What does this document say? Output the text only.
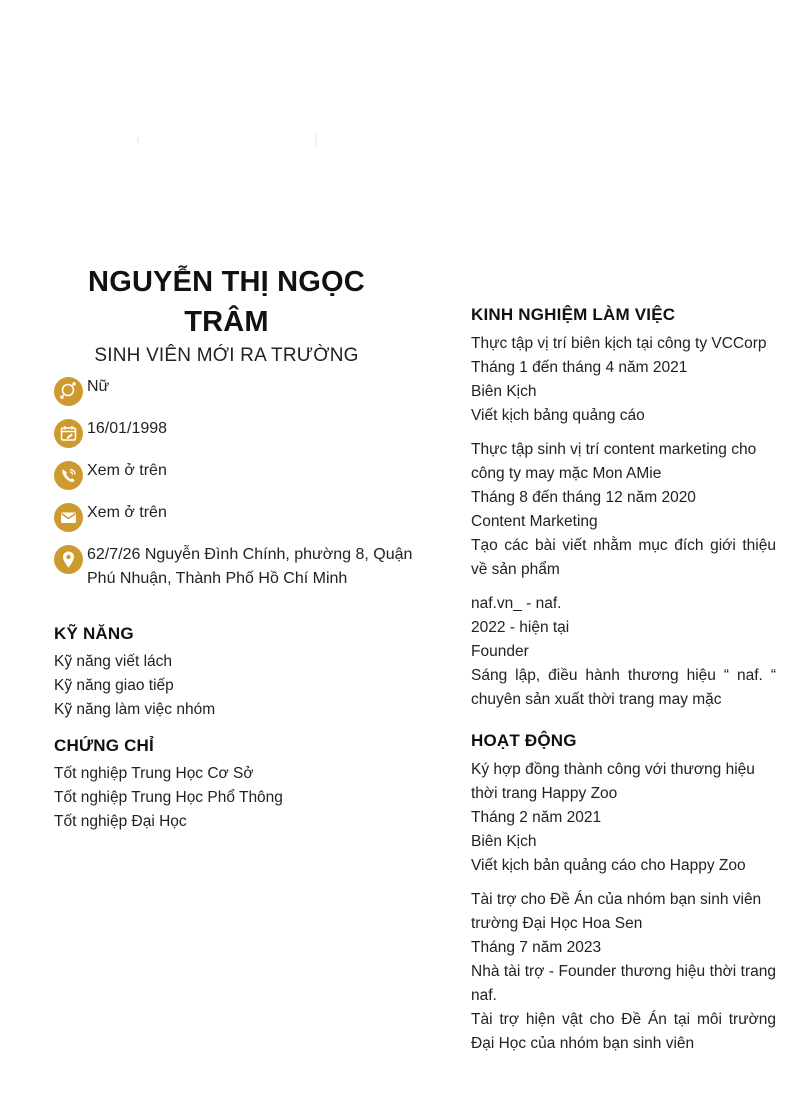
NGUYỄN THỊ NGỌC
TRÂM
SINH VIÊN MỚI RA TRƯỜNG
Nữ
16/01/1998
Xem ở trên
Xem ở trên
62/7/26 Nguyễn Đình Chính, phường 8, Quận Phú Nhuận, Thành Phố Hồ Chí Minh
KỸ NĂNG
Kỹ năng viết lách
Kỹ năng giao tiếp
Kỹ năng làm việc nhóm
CHỨNG CHỈ
Tốt nghiệp Trung Học Cơ Sở
Tốt nghiệp Trung Học Phổ Thông
Tốt nghiệp Đại Học
KINH NGHIỆM LÀM VIỆC
Thực tập vị trí biên kịch tại công ty VCCorp
Tháng 1 đến tháng 4 năm 2021
Biên Kịch
Viết kịch bảng quảng cáo
Thực tập sinh vị trí content marketing cho công ty may mặc Mon AMie
Tháng 8 đến tháng 12 năm 2020
Content Marketing
Tạo các bài viết nhằm mục đích giới thiệu về sản phẩm
naf.vn_ - naf.
2022 - hiện tại
Founder
Sáng lập, điều hành thương hiệu “ naf. “ chuyên sản xuất thời trang may mặc
HOẠT ĐỘNG
Ký hợp đồng thành công với thương hiệu thời trang Happy Zoo
Tháng 2 năm 2021
Biên Kịch
Viết kịch bản quảng cáo cho Happy Zoo
Tài trợ cho Đề Án của nhóm bạn sinh viên trường Đại Học Hoa Sen
Tháng 7 năm 2023
Nhà tài trợ - Founder thương hiệu thời trang naf.
Tài trợ hiện vật cho Đề Án tại môi trường Đại Học của nhóm bạn sinh viên
